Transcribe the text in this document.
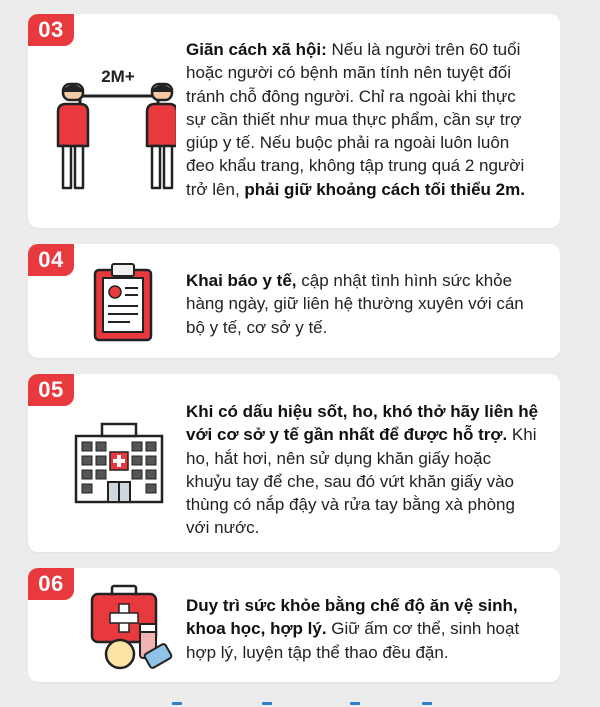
03
2M+
Giãn cách xã hội: Nếu là người trên 60 tuổi hoặc người có bệnh mãn tính nên tuyệt đối tránh chỗ đông người. Chỉ ra ngoài khi thực sự cần thiết như mua thực phẩm, cần sự trợ giúp y tế. Nếu buộc phải ra ngoài luôn luôn đeo khẩu trang, không tập trung quá 2 người trở lên, phải giữ khoảng cách tối thiểu 2m.
04
Khai báo y tế, cập nhật tình hình sức khỏe hàng ngày, giữ liên hệ thường xuyên với cán bộ y tế, cơ sở y tế.
05
Khi có dấu hiệu sốt, ho, khó thở hãy liên hệ với cơ sở y tế gần nhất để được hỗ trợ. Khi ho, hắt hơi, nên sử dụng khăn giấy hoặc khuỷu tay để che, sau đó vứt khăn giấy vào thùng có nắp đậy và rửa tay bằng xà phòng với nước.
06
Duy trì sức khỏe bằng chế độ ăn vệ sinh, khoa học, hợp lý. Giữ ấm cơ thể, sinh hoạt hợp lý, luyện tập thể thao đều đặn.
